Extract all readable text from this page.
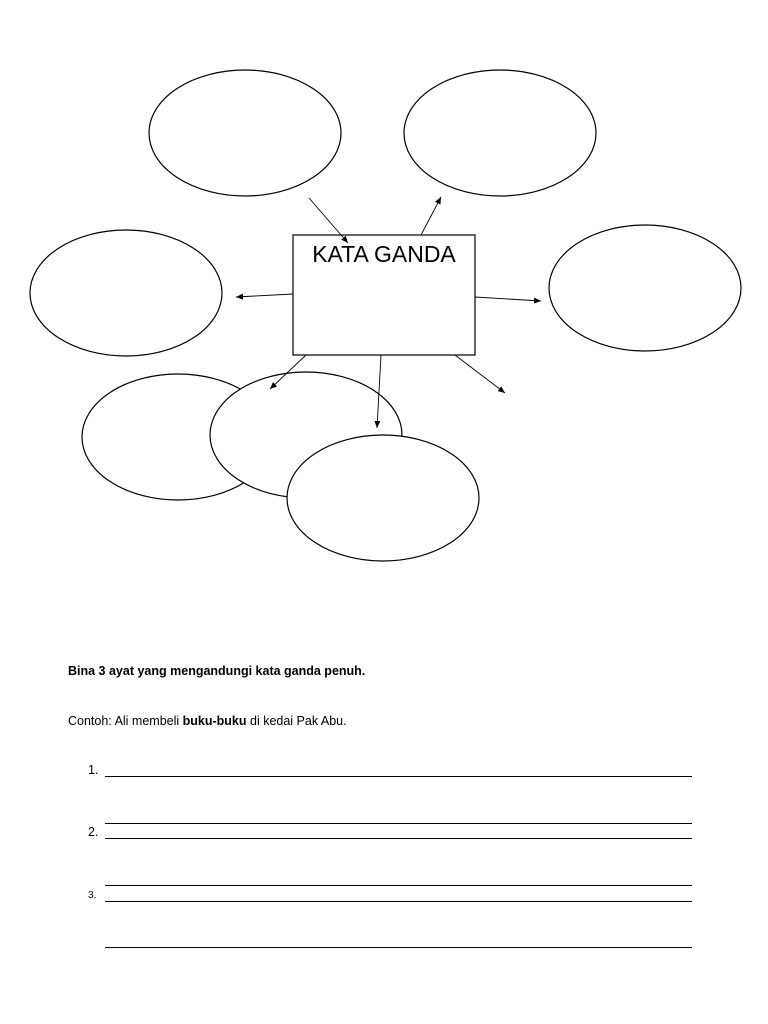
KATA GANDA
Bina 3 ayat yang mengandungi kata ganda penuh.
Contoh: Ali membeli buku-buku di kedai Pak Abu.
1.
2.
3.
